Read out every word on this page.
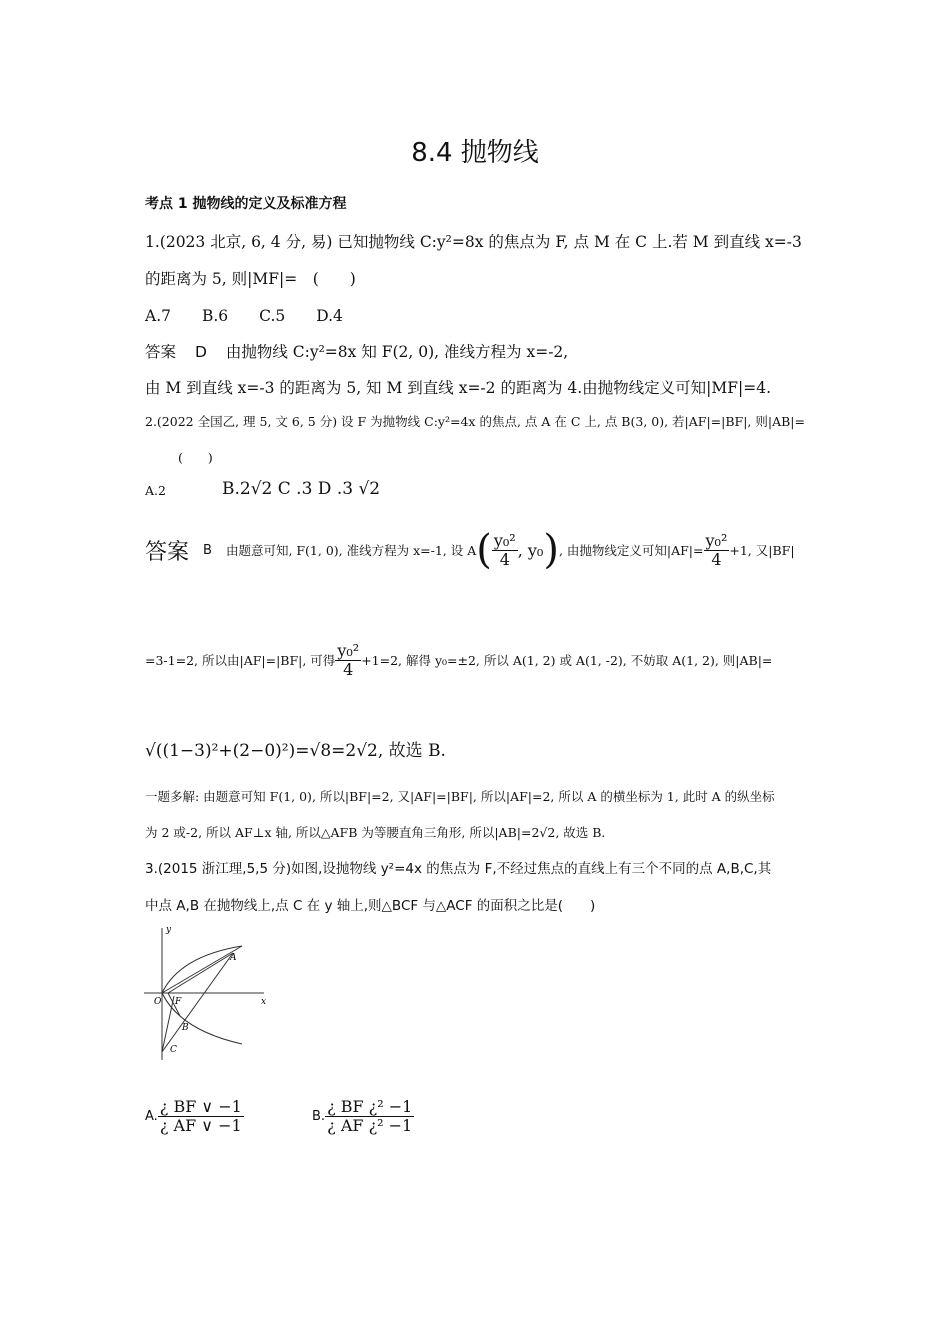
8.4 抛物线
考点 1 抛物线的定义及标准方程
1.(2023 北京, 6, 4 分, 易) 已知抛物线 C:y²=8x 的焦点为 F, 点 M 在 C 上.若 M 到直线 x=-3
的距离为 5, 则|MF|=　(　　)
A.7　　B.6　　C.5　　D.4
答案 D 由抛物线 C:y²=8x 知 F(2, 0), 准线方程为 x=-2,
由 M 到直线 x=-3 的距离为 5, 知 M 到直线 x=-2 的距离为 4.由抛物线定义可知|MF|=4.
2.(2022 全国乙, 理 5, 文 6, 5 分) 设 F 为抛物线 C:y²=4x 的焦点, 点 A 在 C 上, 点 B(3, 0), 若|AF|=|BF|, 则|AB|=
(　　)
A.2	B.2√2 C .3 D .3 √2
答案 B 由题意可知, F(1, 0), 准线方程为 x=-1, 设 A ( $\frac{\text{y₀²}}{4}$ , y₀ ) , 由抛物线定义可知$|AF|= \frac{\text{y₀²}}{4} +1$, 又|BF|
=3-1=2, 所以由|AF|=|BF|, 可得 $\frac{\text{y₀²}}{4} +1=2$, 解得 y₀=±2, 所以 A(1, 2) 或 A(1, -2), 不妨取 A(1, 2), 则|AB|=
√((1−3)²+(2−0)²)=√8=2√2, 故选 B.
一题多解: 由题意可知 F(1, 0), 所以|BF|=2, 又|AF|=|BF|, 所以|AF|=2, 所以 A 的横坐标为 1, 此时 A 的纵坐标
为 2 或-2, 所以 AF⊥x 轴, 所以△AFB 为等腰直角三角形, 所以|AB|=2√2, 故选 B.
3.(2015 浙江理,5,5 分)如图,设抛物线 y²=4x 的焦点为 F,不经过焦点的直线上有三个不同的点 A,B,C,其
中点 A,B 在抛物线上,点 C 在 y 轴上,则△BCF 与△ACF 的面积之比是(　　)
y
x
O F
A
B
C
A. $\frac{¿ BF \vee -1}{¿ AF \vee -1}$	B. $\frac{\text{¿ BF ¿² −1}}{\text{¿ AF ¿² −1}}$
